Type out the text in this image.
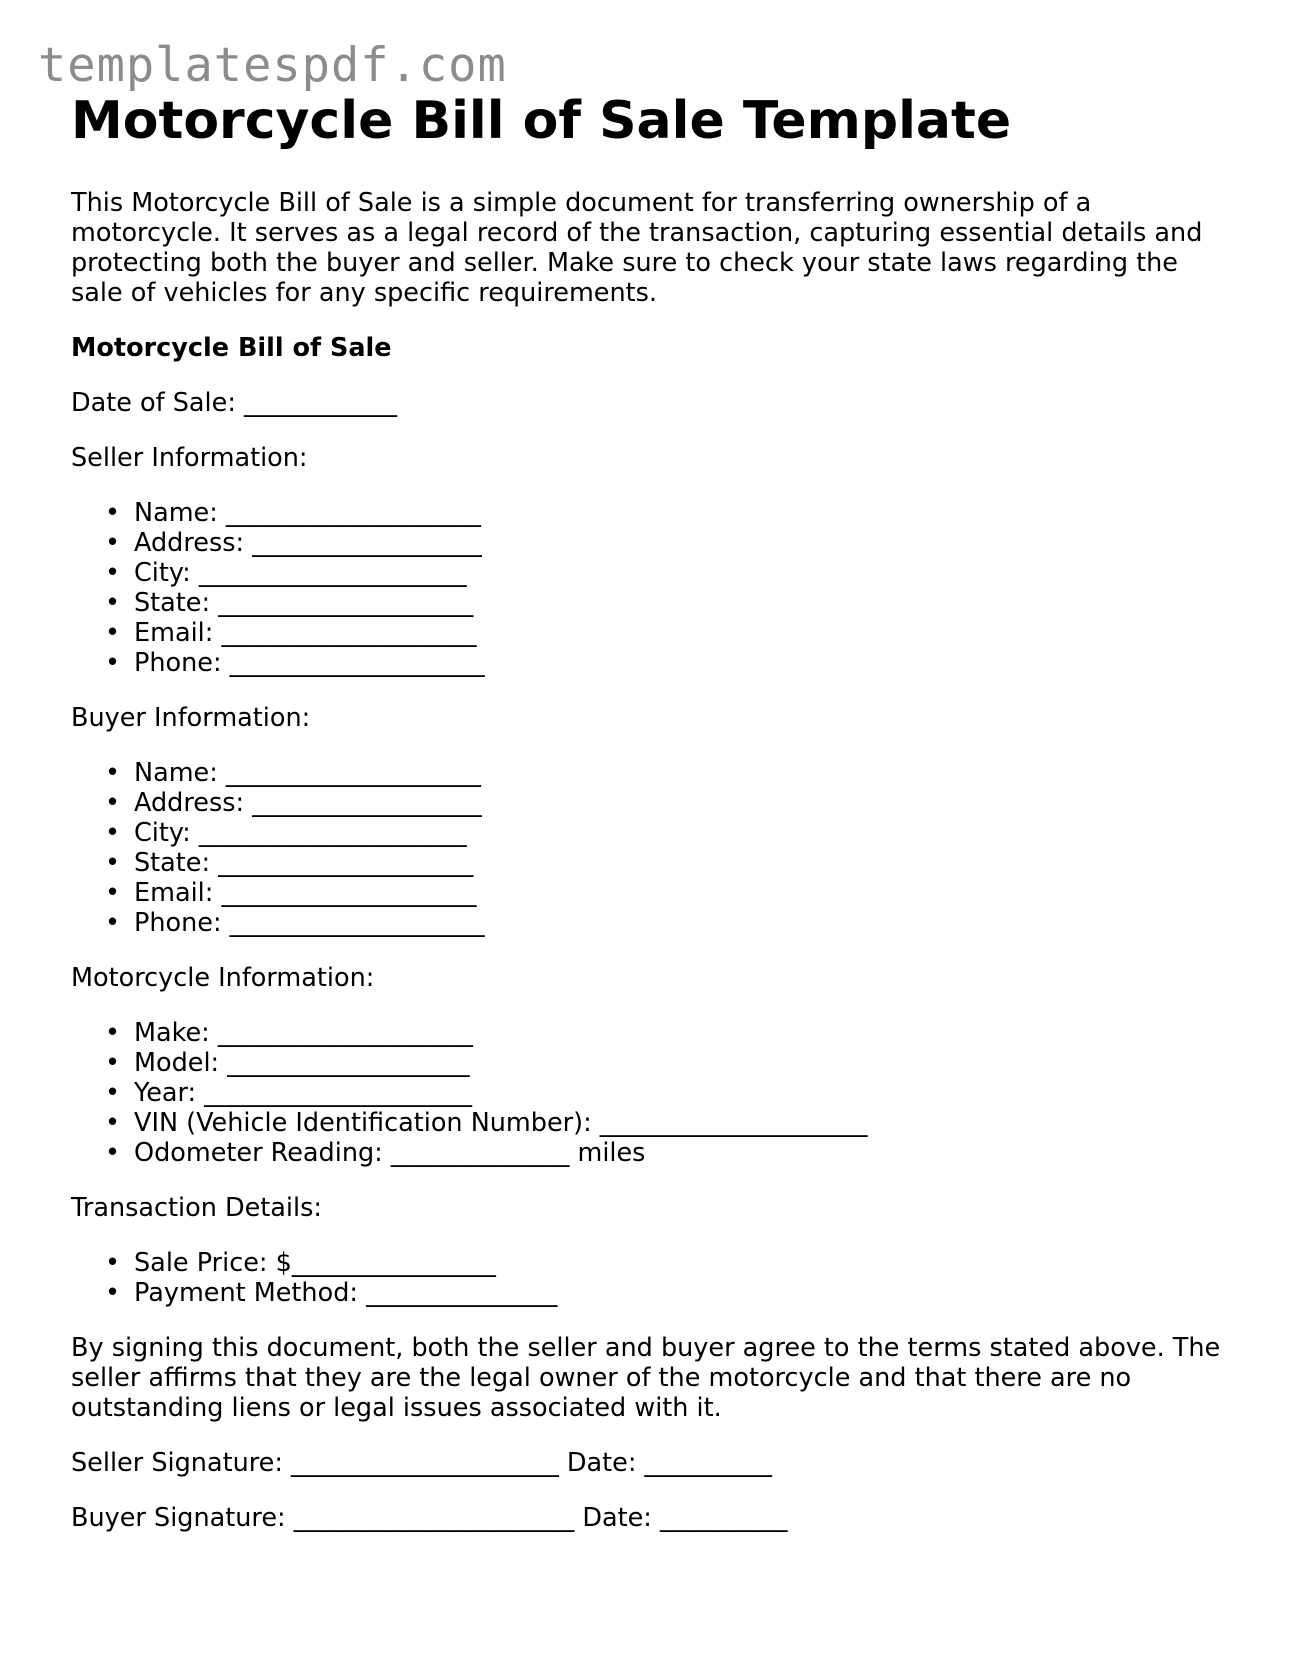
templatespdf.com
Motorcycle Bill of Sale Template

This Motorcycle Bill of Sale is a simple document for transferring ownership of a motorcycle. It serves as a legal record of the transaction, capturing essential details and protecting both the buyer and seller. Make sure to check your state laws regarding the sale of vehicles for any specific requirements.

Motorcycle Bill of Sale

Date of Sale: ____________

Seller Information:

• Name: ____________________
• Address: __________________
• City: _____________________
• State: ____________________
• Email: ____________________
• Phone: ____________________

Buyer Information:

• Name: ____________________
• Address: __________________
• City: _____________________
• State: ____________________
• Email: ____________________
• Phone: ____________________

Motorcycle Information:

• Make: ____________________
• Model: ___________________
• Year: _____________________
• VIN (Vehicle Identification Number): _____________________
• Odometer Reading: ______________ miles

Transaction Details:

• Sale Price: $________________
• Payment Method: _______________

By signing this document, both the seller and buyer agree to the terms stated above. The seller affirms that they are the legal owner of the motorcycle and that there are no outstanding liens or legal issues associated with it.

Seller Signature: _____________________ Date: __________

Buyer Signature: ______________________ Date: __________
